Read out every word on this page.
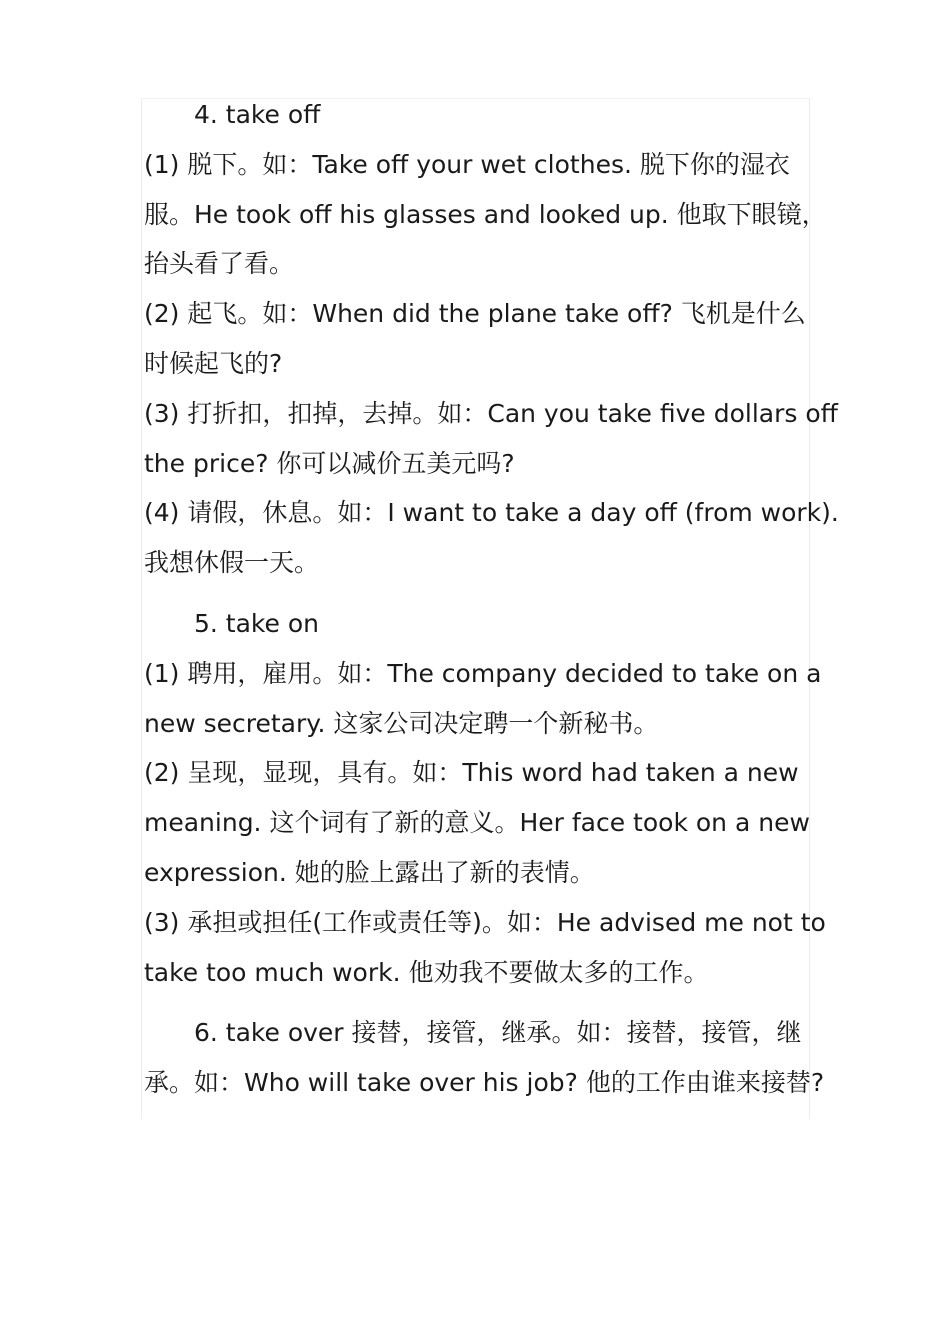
4. take off
(1) 脱下。如：Take off your wet clothes. 脱下你的湿衣
服。He took off his glasses and looked up. 他取下眼镜，
抬头看了看。
(2) 起飞。如：When did the plane take off? 飞机是什么
时候起飞的?
(3) 打折扣，扣掉，去掉。如：Can you take five dollars off
the price? 你可以减价五美元吗?
(4) 请假，休息。如：I want to take a day off (from work).
我想休假一天。
5. take on
(1) 聘用，雇用。如：The company decided to take on a
new secretary. 这家公司决定聘一个新秘书。
(2) 呈现，显现，具有。如：This word had taken a new
meaning. 这个词有了新的意义。Her face took on a new
expression. 她的脸上露出了新的表情。
(3) 承担或担任(工作或责任等)。如：He advised me not to
take too much work. 他劝我不要做太多的工作。
6. take over 接替，接管，继承。如：接替，接管，继
承。如：Who will take over his job? 他的工作由谁来接替?
